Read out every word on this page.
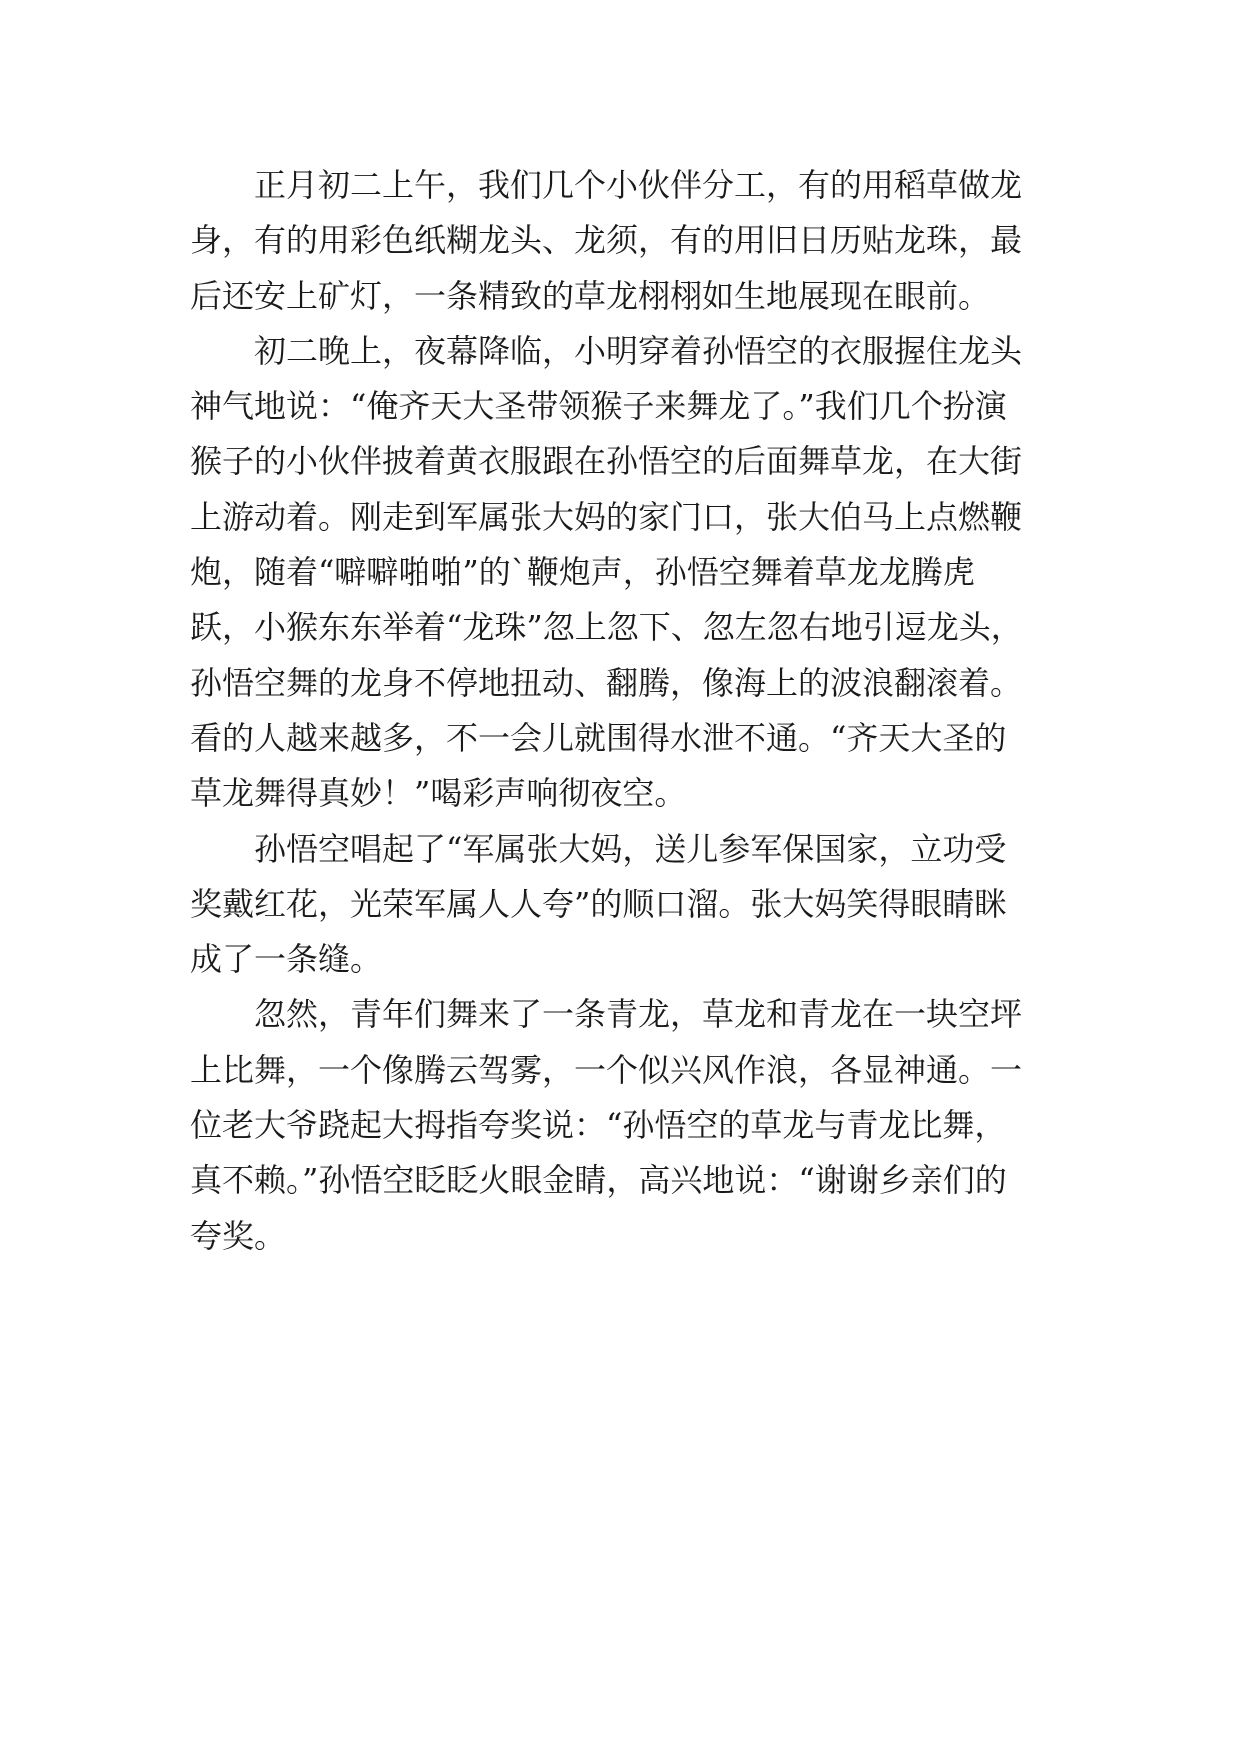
正月初二上午，我们几个小伙伴分工，有的用稻草做龙
身，有的用彩色纸糊龙头、龙须，有的用旧日历贴龙珠，最
后还安上矿灯，一条精致的草龙栩栩如生地展现在眼前。
初二晚上，夜幕降临，小明穿着孙悟空的衣服握住龙头
神气地说：“俺齐天大圣带领猴子来舞龙了。”我们几个扮演
猴子的小伙伴披着黄衣服跟在孙悟空的后面舞草龙，在大街
上游动着。刚走到军属张大妈的家门口，张大伯马上点燃鞭
炮，随着“噼噼啪啪”的`鞭炮声，孙悟空舞着草龙龙腾虎
跃，小猴东东举着“龙珠”忽上忽下、忽左忽右地引逗龙头，
孙悟空舞的龙身不停地扭动、翻腾，像海上的波浪翻滚着。
看的人越来越多，不一会儿就围得水泄不通。“齐天大圣的
草龙舞得真妙！”喝彩声响彻夜空。
孙悟空唱起了“军属张大妈，送儿参军保国家，立功受
奖戴红花，光荣军属人人夸”的顺口溜。张大妈笑得眼睛眯
成了一条缝。
忽然，青年们舞来了一条青龙，草龙和青龙在一块空坪
上比舞，一个像腾云驾雾，一个似兴风作浪，各显神通。一
位老大爷跷起大拇指夸奖说：“孙悟空的草龙与青龙比舞，
真不赖。”孙悟空眨眨火眼金睛，高兴地说：“谢谢乡亲们的
夸奖。
